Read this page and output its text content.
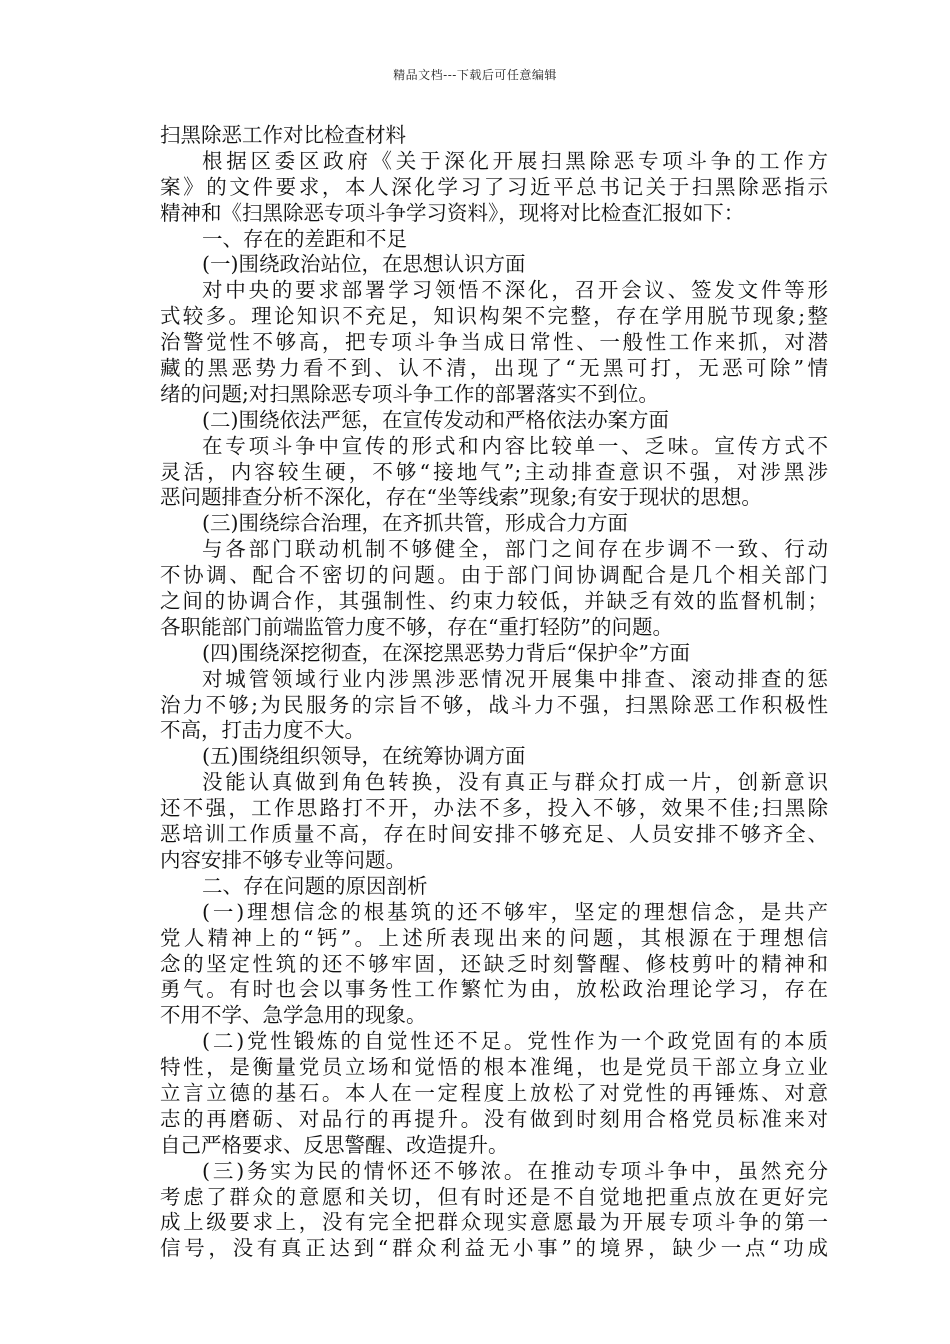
精品文档---下载后可任意编辑
扫黑除恶工作对比检查材料
根据区委区政府《关于深化开展扫黑除恶专项斗争的工作方
案》的文件要求，本人深化学习了习近平总书记关于扫黑除恶指示
精神和《扫黑除恶专项斗争学习资料》，现将对比检查汇报如下：
一、存在的差距和不足
(一)围绕政治站位，在思想认识方面
对中央的要求部署学习领悟不深化，召开会议、签发文件等形
式较多。理论知识不充足，知识构架不完整，存在学用脱节现象;整
治警觉性不够高，把专项斗争当成日常性、一般性工作来抓，对潜
藏的黑恶势力看不到、认不清，出现了“无黑可打，无恶可除”情
绪的问题;对扫黑除恶专项斗争工作的部署落实不到位。
(二)围绕依法严惩，在宣传发动和严格依法办案方面
在专项斗争中宣传的形式和内容比较单一、乏味。宣传方式不
灵活，内容较生硬，不够“接地气”;主动排查意识不强，对涉黑涉
恶问题排查分析不深化，存在“坐等线索”现象;有安于现状的思想。
(三)围绕综合治理，在齐抓共管，形成合力方面
与各部门联动机制不够健全，部门之间存在步调不一致、行动
不协调、配合不密切的问题。由于部门间协调配合是几个相关部门
之间的协调合作，其强制性、约束力较低，并缺乏有效的监督机制；
各职能部门前端监管力度不够，存在“重打轻防”的问题。
(四)围绕深挖彻查，在深挖黑恶势力背后“保护伞”方面
对城管领域行业内涉黑涉恶情况开展集中排查、滚动排查的惩
治力不够;为民服务的宗旨不够，战斗力不强，扫黑除恶工作积极性
不高，打击力度不大。
(五)围绕组织领导，在统筹协调方面
没能认真做到角色转换，没有真正与群众打成一片，创新意识
还不强，工作思路打不开，办法不多，投入不够，效果不佳;扫黑除
恶培训工作质量不高，存在时间安排不够充足、人员安排不够齐全、
内容安排不够专业等问题。
二、存在问题的原因剖析
(一)理想信念的根基筑的还不够牢，坚定的理想信念，是共产
党人精神上的“钙”。上述所表现出来的问题，其根源在于理想信
念的坚定性筑的还不够牢固，还缺乏时刻警醒、修枝剪叶的精神和
勇气。有时也会以事务性工作繁忙为由，放松政治理论学习，存在
不用不学、急学急用的现象。
(二)党性锻炼的自觉性还不足。党性作为一个政党固有的本质
特性，是衡量党员立场和觉悟的根本准绳，也是党员干部立身立业
立言立德的基石。本人在一定程度上放松了对党性的再锤炼、对意
志的再磨砺、对品行的再提升。没有做到时刻用合格党员标准来对
自己严格要求、反思警醒、改造提升。
(三)务实为民的情怀还不够浓。在推动专项斗争中，虽然充分
考虑了群众的意愿和关切，但有时还是不自觉地把重点放在更好完
成上级要求上，没有完全把群众现实意愿最为开展专项斗争的第一
信号，没有真正达到“群众利益无小事”的境界，缺少一点“功成
